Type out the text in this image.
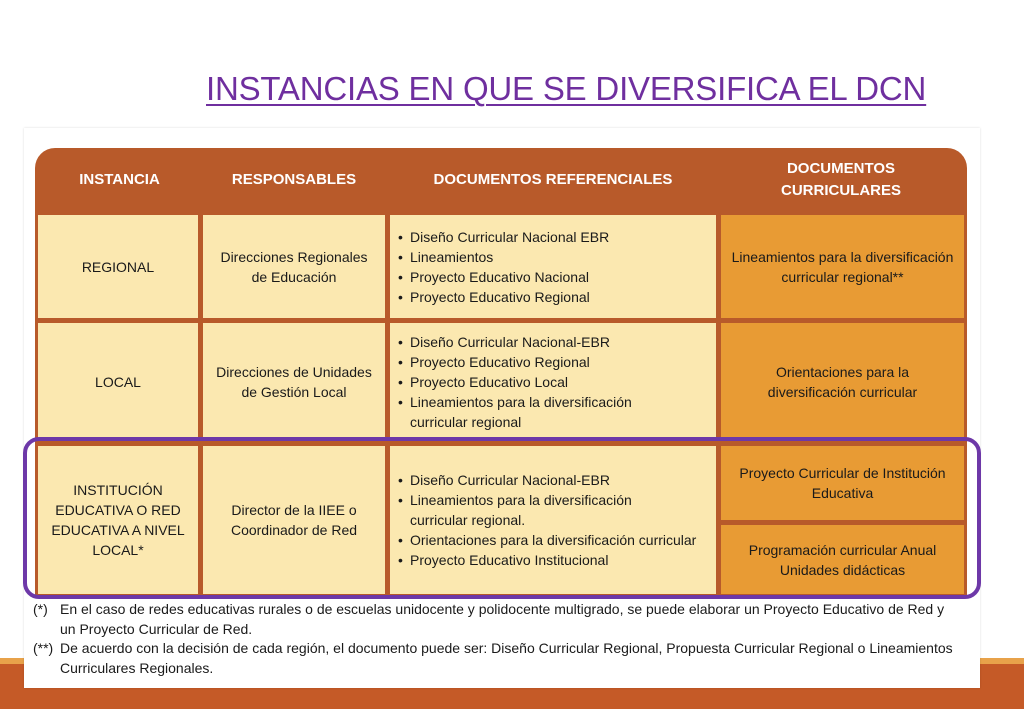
INSTANCIAS EN QUE SE DIVERSIFICA EL DCN
INSTANCIA	RESPONSABLES	DOCUMENTOS REFERENCIALES
DOCUMENTOS CURRICULARES
REGIONAL
Direcciones Regionales de Educación
• Diseño Curricular Nacional EBR
• Lineamientos
• Proyecto Educativo Nacional
• Proyecto Educativo Regional
Lineamientos para la diversificación curricular regional**
LOCAL
Direcciones de Unidades de Gestión Local
• Diseño Curricular Nacional-EBR
• Proyecto Educativo Regional
• Proyecto Educativo Local
• Lineamientos para la diversificación curricular regional
Orientaciones para la diversificación curricular
INSTITUCIÓN EDUCATIVA O RED EDUCATIVA A NIVEL LOCAL*
Director de la IIEE o Coordinador de Red
• Diseño Curricular Nacional-EBR
• Lineamientos para la diversificación curricular regional.
• Orientaciones para la diversificación curricular
• Proyecto Educativo Institucional
Proyecto Curricular de Institución Educativa
Programación curricular Anual Unidades didácticas
(*) En el caso de redes educativas rurales o de escuelas unidocente y polidocente multigrado, se puede elaborar un Proyecto Educativo de Red y un Proyecto Curricular de Red.
(**) De acuerdo con la decisión de cada región, el documento puede ser: Diseño Curricular Regional, Propuesta Curricular Regional o Lineamientos Curriculares Regionales.
